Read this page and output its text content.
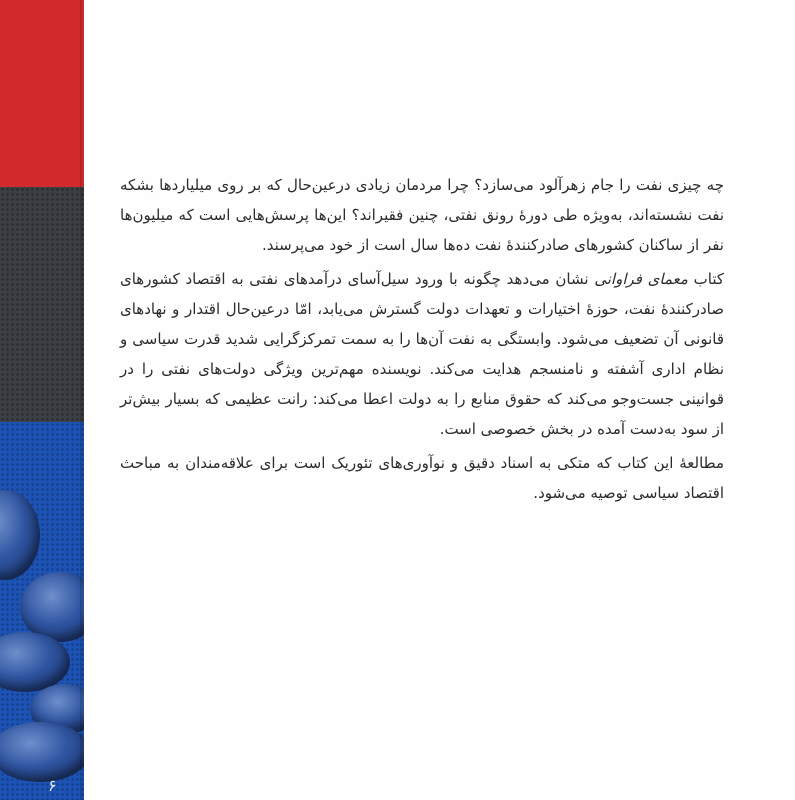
۶

چه چیزی نفت را جام زهرآلود می‌سازد؟ چرا مردمان زیادی درعین‌حال که بر روی میلیاردها بشکه نفت نشسته‌اند، به‌ویژه طی دورهٔ رونق نفتی، چنین فقیراند؟ این‌ها پرسش‌هایی است که میلیون‌ها نفر از ساکنان کشورهای صادرکنندهٔ نفت ده‌ها سال است از خود می‌پرسند.

کتاب معمای فراوانی نشان می‌دهد چگونه با ورود سیل‌آسای درآمدهای نفتی به اقتصاد کشورهای صادرکنندهٔ نفت، حوزهٔ اختیارات و تعهدات دولت گسترش می‌یابد، امّا درعین‌حال اقتدار و نهادهای قانونی آن تضعیف می‌شود. وابستگی به نفت آن‌ها را به سمت تمرکزگرایی شدید قدرت سیاسی و نظام اداری آشفته و نامنسجم هدایت می‌کند. نویسنده مهم‌ترین ویژگی دولت‌های نفتی را در قوانینی جست‌وجو می‌کند که حقوق منابع را به دولت اعطا می‌کند: رانت عظیمی که بسیار بیش‌تر از سود به‌دست آمده در بخش خصوصی است.

مطالعهٔ این کتاب که متکی به اسناد دقیق و نوآوری‌های تئوریک است برای علاقه‌مندان به مباحث اقتصاد سیاسی توصیه می‌شود.
